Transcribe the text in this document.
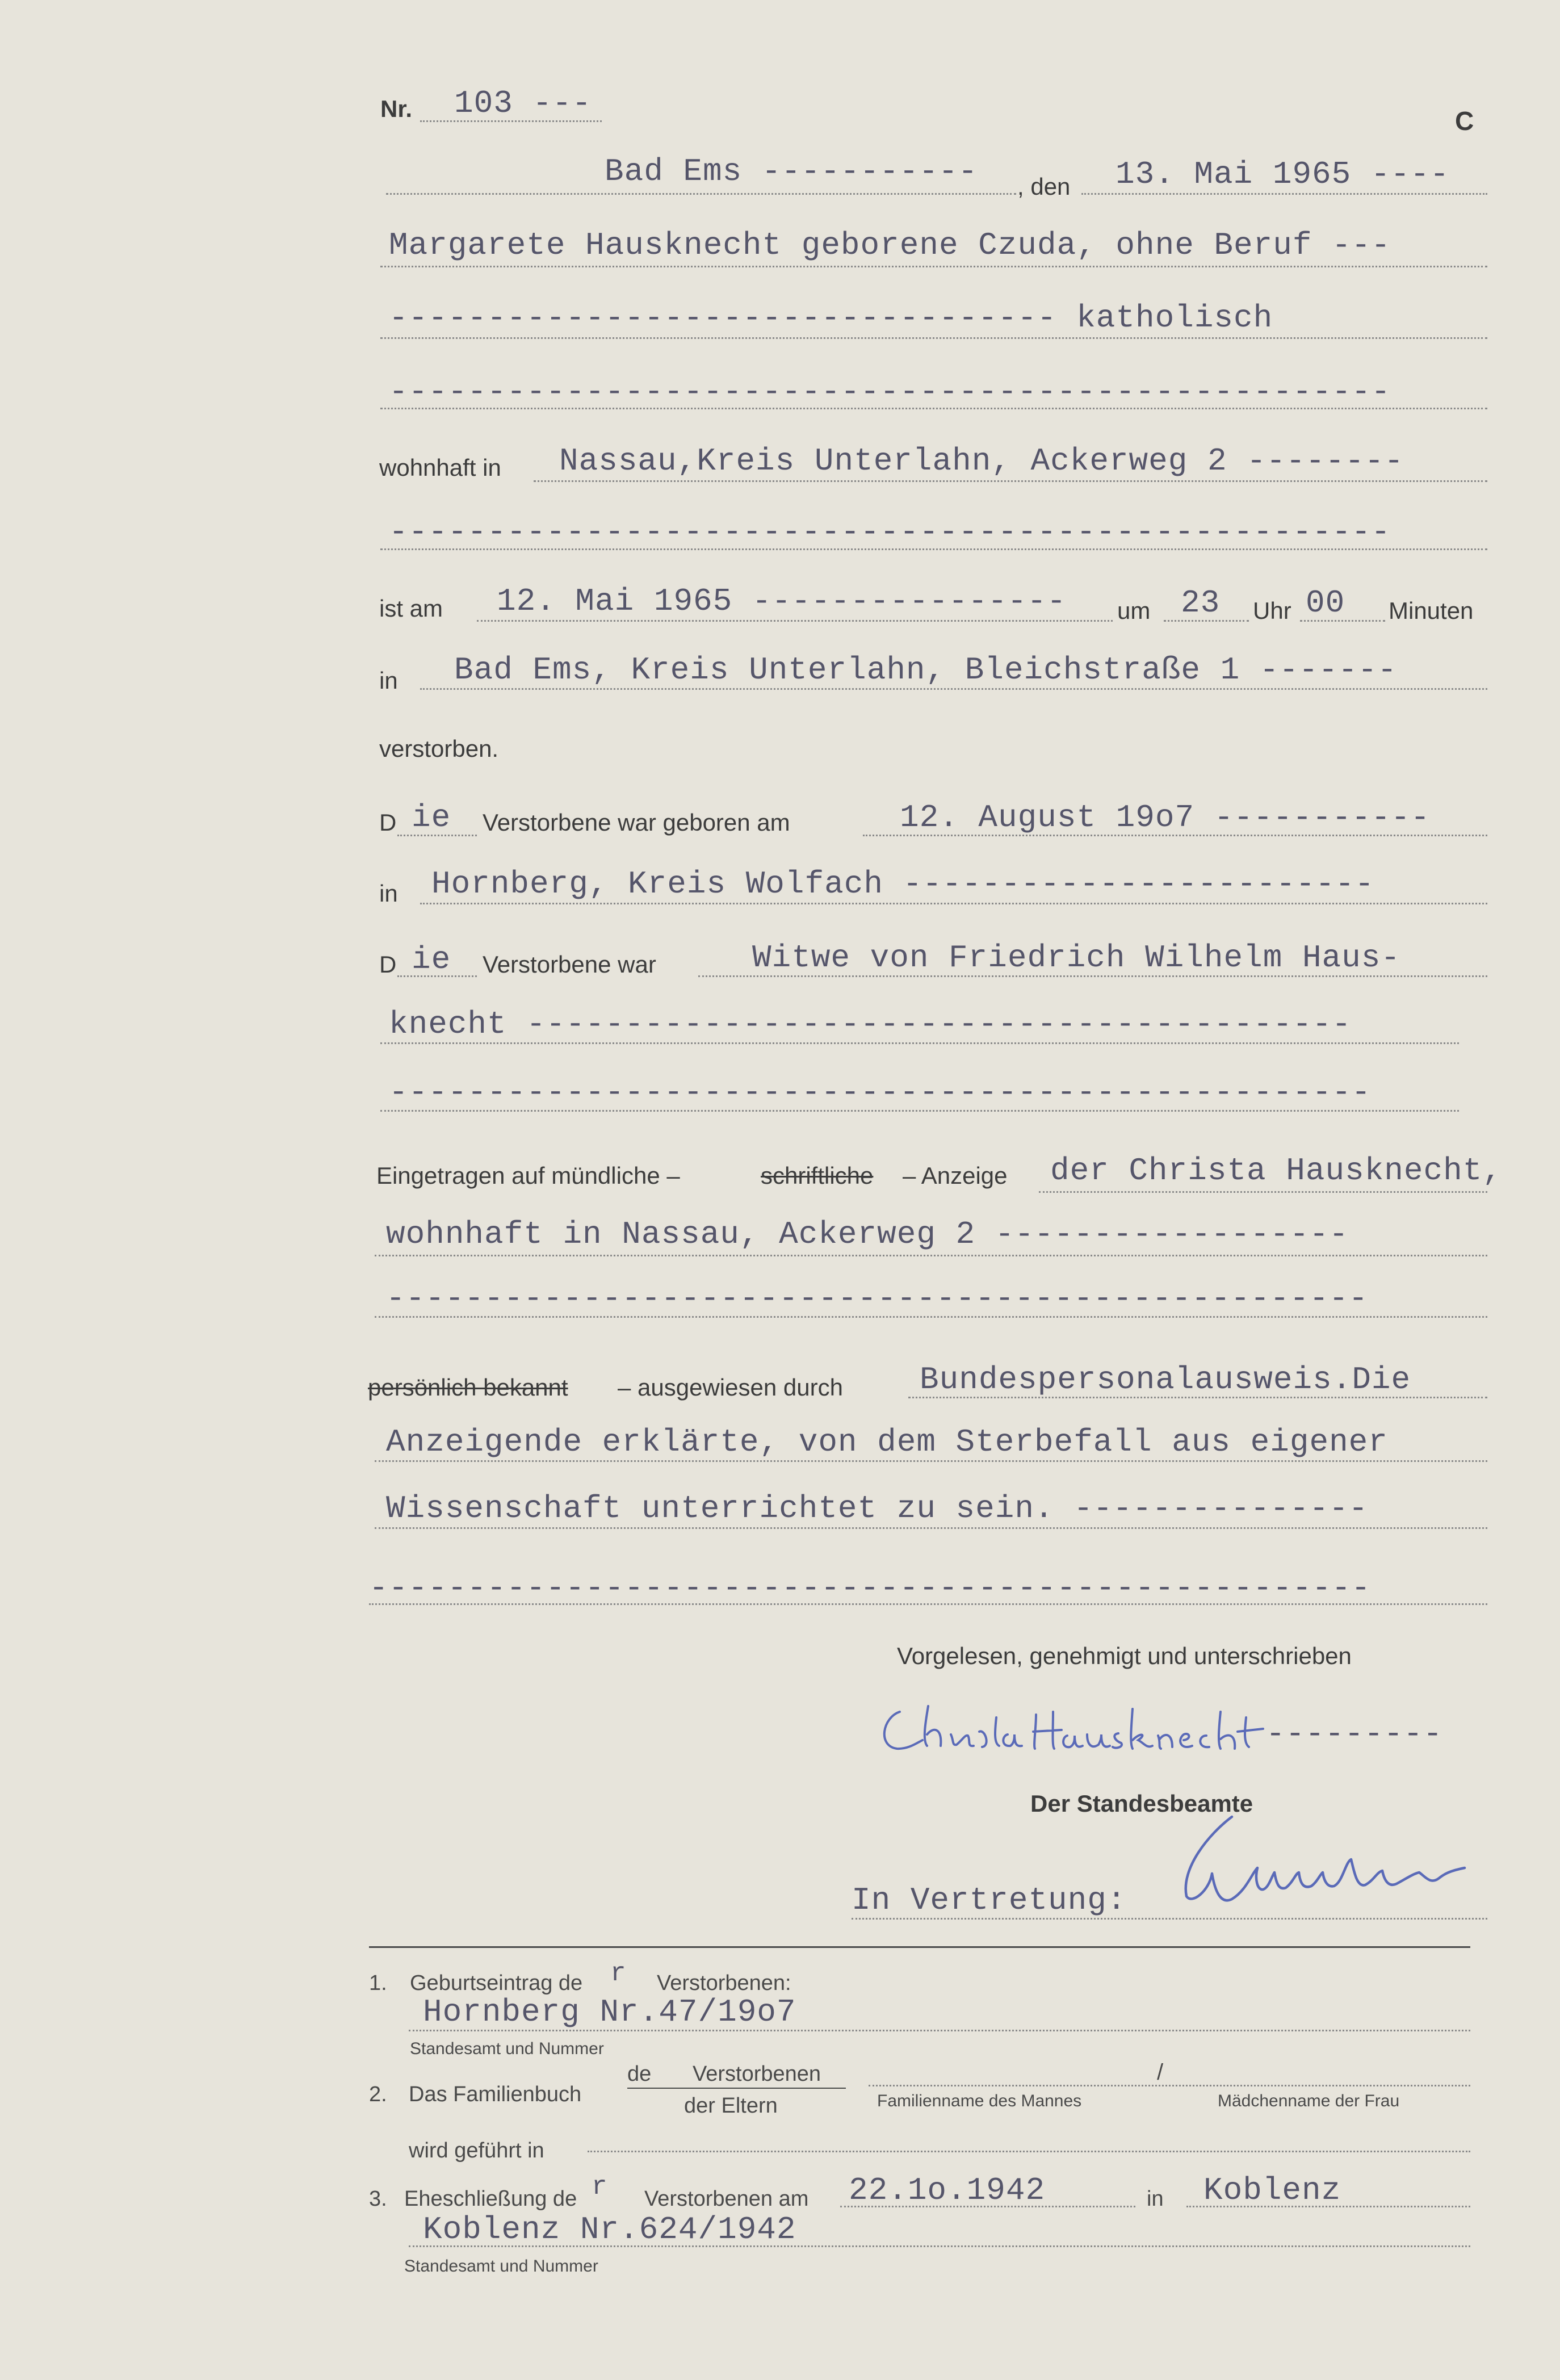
Nr. 103 ---	C
Bad Ems ----------- , den 13. Mai 1965 ----
Margarete Hausknecht geborene Czuda, ohne Beruf ---
---------------------------------- katholisch
---------------------------------------------------
wohnhaft in Nassau,Kreis Unterlahn, Ackerweg 2 --------
---------------------------------------------------
ist am 12. Mai 1965 ---------------- um 23 Uhr 00 Minuten
in Bad Ems, Kreis Unterlahn, Bleichstraße 1 -------
verstorben.
D ie Verstorbene war geboren am	12. August 19o7 -----------
in Hornberg, Kreis Wolfach ------------------------
D ie Verstorbene war	Witwe von Friedrich Wilhelm Haus-
knecht ------------------------------------------
--------------------------------------------------
Eingetragen auf mündliche –	schriftliche – Anzeige der Christa Hausknecht,
wohnhaft in Nassau, Ackerweg 2 ------------------
--------------------------------------------------
persönlich bekannt – ausgewiesen durch Bundespersonalausweis.Die
Anzeigende erklärte, von dem Sterbefall aus eigener
Wissenschaft unterrichtet zu sein. ---------------
---------------------------------------------------
Vorgelesen, genehmigt und unterschrieben
---------
Der Standesbeamte
In Vertretung:
1. Geburtseintrag de r Verstorbenen:
Hornberg Nr.47/19o7
Standesamt und Nummer
2. Das Familienbuch
de Verstorbenen
der Eltern
/
Familienname des Mannes	Mädchenname der Frau
wird geführt in
3. Eheschließung de r Verstorbenen am 22.1o.1942	in Koblenz
Koblenz Nr.624/1942
Standesamt und Nummer
